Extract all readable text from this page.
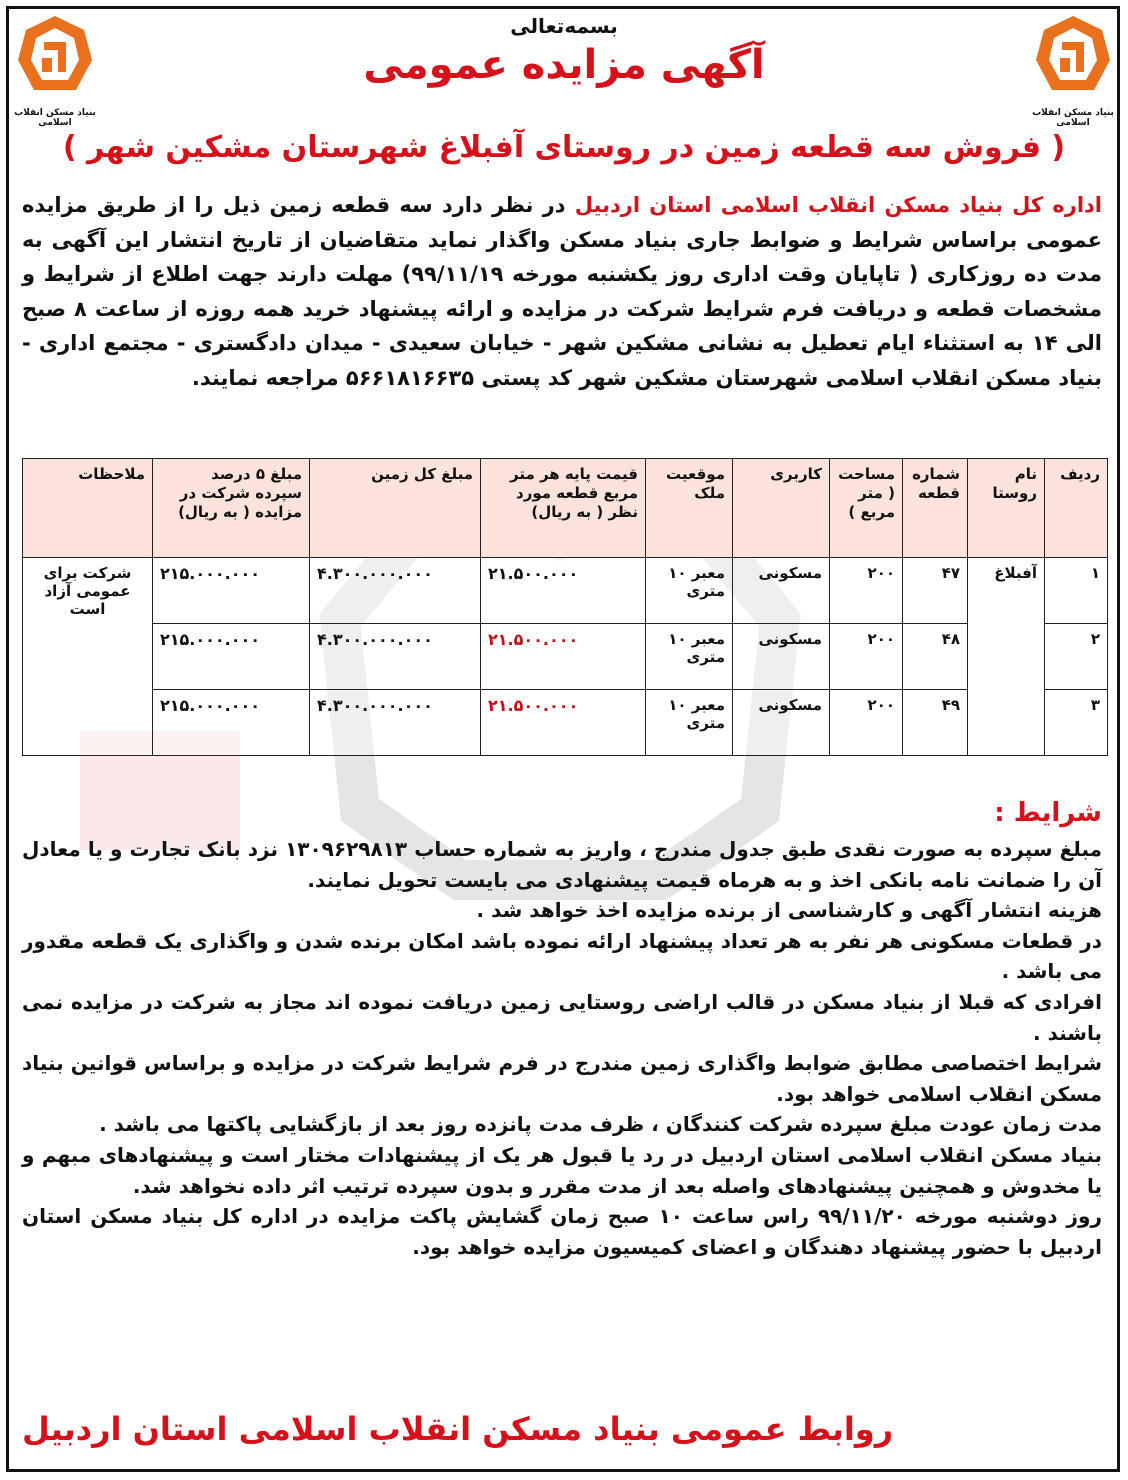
بنیاد مسکن انقلاب اسلامی
بنیاد مسکن انقلاب اسلامی

بسمه‌تعالی

آگهی مزایده عمومی
( فروش سه قطعه زمین در روستای آفبلاغ شهرستان مشکین شهر )

اداره کل بنیاد مسکن انقلاب اسلامی استان اردبیل در نظر دارد سه قطعه زمین ذیل را از طریق مزایده عمومی براساس شرایط و ضوابط جاری بنیاد مسکن واگذار نماید متقاضیان از تاریخ انتشار این آگهی به مدت ده روزکاری ( تاپایان وقت اداری روز یکشنبه مورخه ۹۹/۱۱/۱۹) مهلت دارند جهت اطلاع از شرایط و مشخصات قطعه و دریافت فرم شرایط شرکت در مزایده و ارائه پیشنهاد خرید همه روزه از ساعت ۸ صبح الی ۱۴ به استثناء ایام تعطیل به نشانی مشکین شهر - خیابان سعیدی - میدان دادگستری - مجتمع اداری - بنیاد مسکن انقلاب اسلامی شهرستان مشکین شهر کد پستی ۵۶۶۱۸۱۶۶۳۵ مراجعه نمایند.

ردیف	نام روستا	شماره قطعه	مساحت ( متر مربع )	کاربری	موقعیت ملک	قیمت پایه هر متر مربع قطعه مورد نظر ( به ریال)	مبلغ کل زمین	مبلغ ۵ درصد سپرده شرکت در مزایده ( به ریال)	ملاحظات
۱	آفبلاغ	۴۷	۲۰۰	مسکونی	معبر ۱۰ متری	۲۱.۵۰۰.۰۰۰	۴.۳۰۰.۰۰۰.۰۰۰	۲۱۵.۰۰۰.۰۰۰	شرکت برای عمومی آزاد است
۲		۴۸	۲۰۰	مسکونی	معبر ۱۰ متری	۲۱.۵۰۰.۰۰۰	۴.۳۰۰.۰۰۰.۰۰۰	۲۱۵.۰۰۰.۰۰۰	
۳		۴۹	۲۰۰	مسکونی	معبر ۱۰ متری	۲۱.۵۰۰.۰۰۰	۴.۳۰۰.۰۰۰.۰۰۰	۲۱۵.۰۰۰.۰۰۰	
شرایط :
مبلغ سپرده به صورت نقدی طبق جدول مندرج ، واریز به شماره حساب ۱۳۰۹۶۲۹۸۱۳ نزد بانک تجارت و یا معادل آن را ضمانت نامه بانکی اخذ و به هرماه قیمت پیشنهادی می بایست تحویل نمایند.
هزینه انتشار آگهی و کارشناسی از برنده مزایده اخذ خواهد شد .
در قطعات مسکونی هر نفر به هر تعداد پیشنهاد ارائه نموده باشد امکان برنده شدن و واگذاری یک قطعه مقدور می باشد .
افرادی که قبلا از بنیاد مسکن در قالب اراضی روستایی زمین دریافت نموده اند مجاز به شرکت در مزایده نمی باشند .
شرایط اختصاصی مطابق ضوابط واگذاری زمین مندرج در فرم شرایط شرکت در مزایده و براساس قوانین بنیاد مسکن انقلاب اسلامی خواهد بود.
مدت زمان عودت مبلغ سپرده شرکت کنندگان ، ظرف مدت پانزده روز بعد از بازگشایی پاکتها می باشد .
بنیاد مسکن انقلاب اسلامی استان اردبیل در رد یا قبول هر یک از پیشنهادات مختار است و پیشنهادهای مبهم و یا مخدوش و همچنین پیشنهادهای واصله بعد از مدت مقرر و بدون سپرده ترتیب اثر داده نخواهد شد.
روز دوشنبه مورخه ۹۹/۱۱/۲۰ راس ساعت ۱۰ صبح زمان گشایش پاکت مزایده در اداره کل بنیاد مسکن استان اردبیل با حضور پیشنهاد دهندگان و اعضای کمیسیون مزایده خواهد بود.

روابط عمومی بنیاد مسکن انقلاب اسلامی استان اردبیل
